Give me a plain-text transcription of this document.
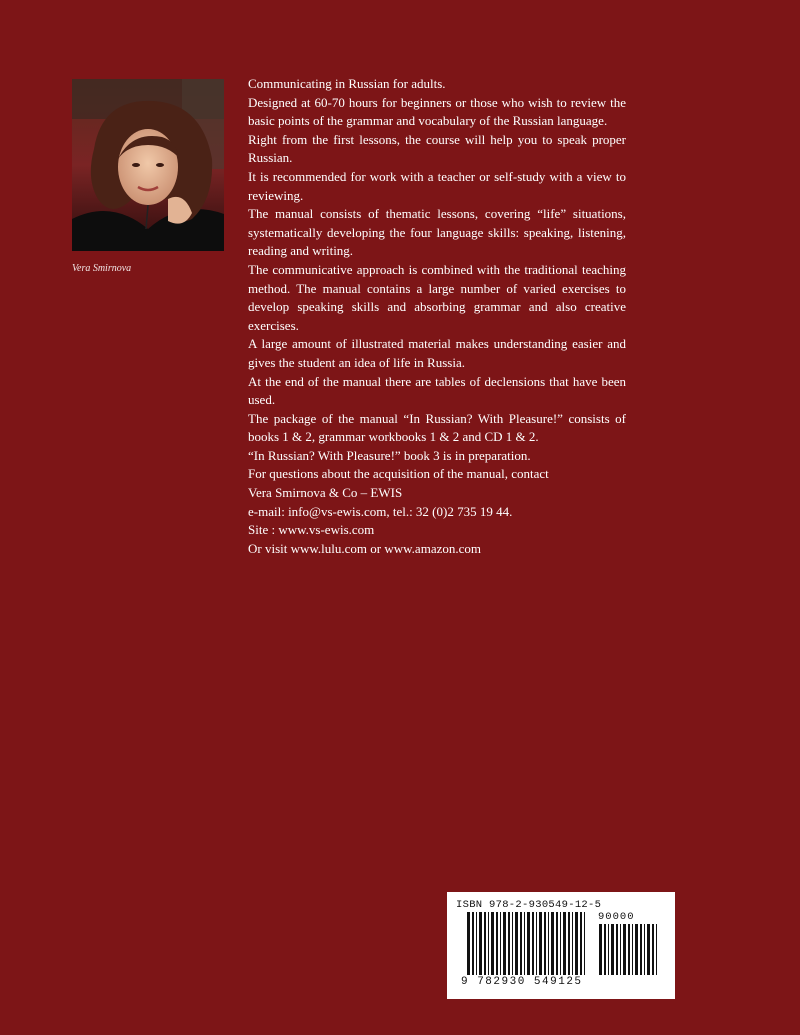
Vera Smirnova

Communicating in Russian for adults.

Designed at 60-70 hours for beginners or those who wish to review the basic points of the grammar and vocabulary of the Russian language.

Right from the first lessons, the course will help you to speak proper Russian.

It is recommended for work with a teacher or self-study with a view to reviewing.

The manual consists of thematic lessons, covering “life” situations, systematically developing the four language skills: speaking, listening, reading and writing.

The communicative approach is combined with the traditional teaching method. The manual contains a large number of varied exercises to develop speaking skills and absorbing grammar and also creative exercises.

A large amount of illustrated material makes understanding easier and gives the student an idea of life in Russia.

At the end of the manual there are tables of declensions that have been used.

The package of the manual “In Russian? With Pleasure!” consists of books 1 & 2, grammar workbooks 1 & 2 and CD 1 & 2.

“In Russian? With Pleasure!” book 3 is in preparation.

For questions about the acquisition of the manual, contact

Vera Smirnova & Co – EWIS

e-mail: info@vs-ewis.com, tel.: 32 (0)2 735 19 44.

Site : www.vs-ewis.com

Or visit www.lulu.com or www.amazon.com

ISBN 978-2-930549-12-5
90000
9 782930 549125
